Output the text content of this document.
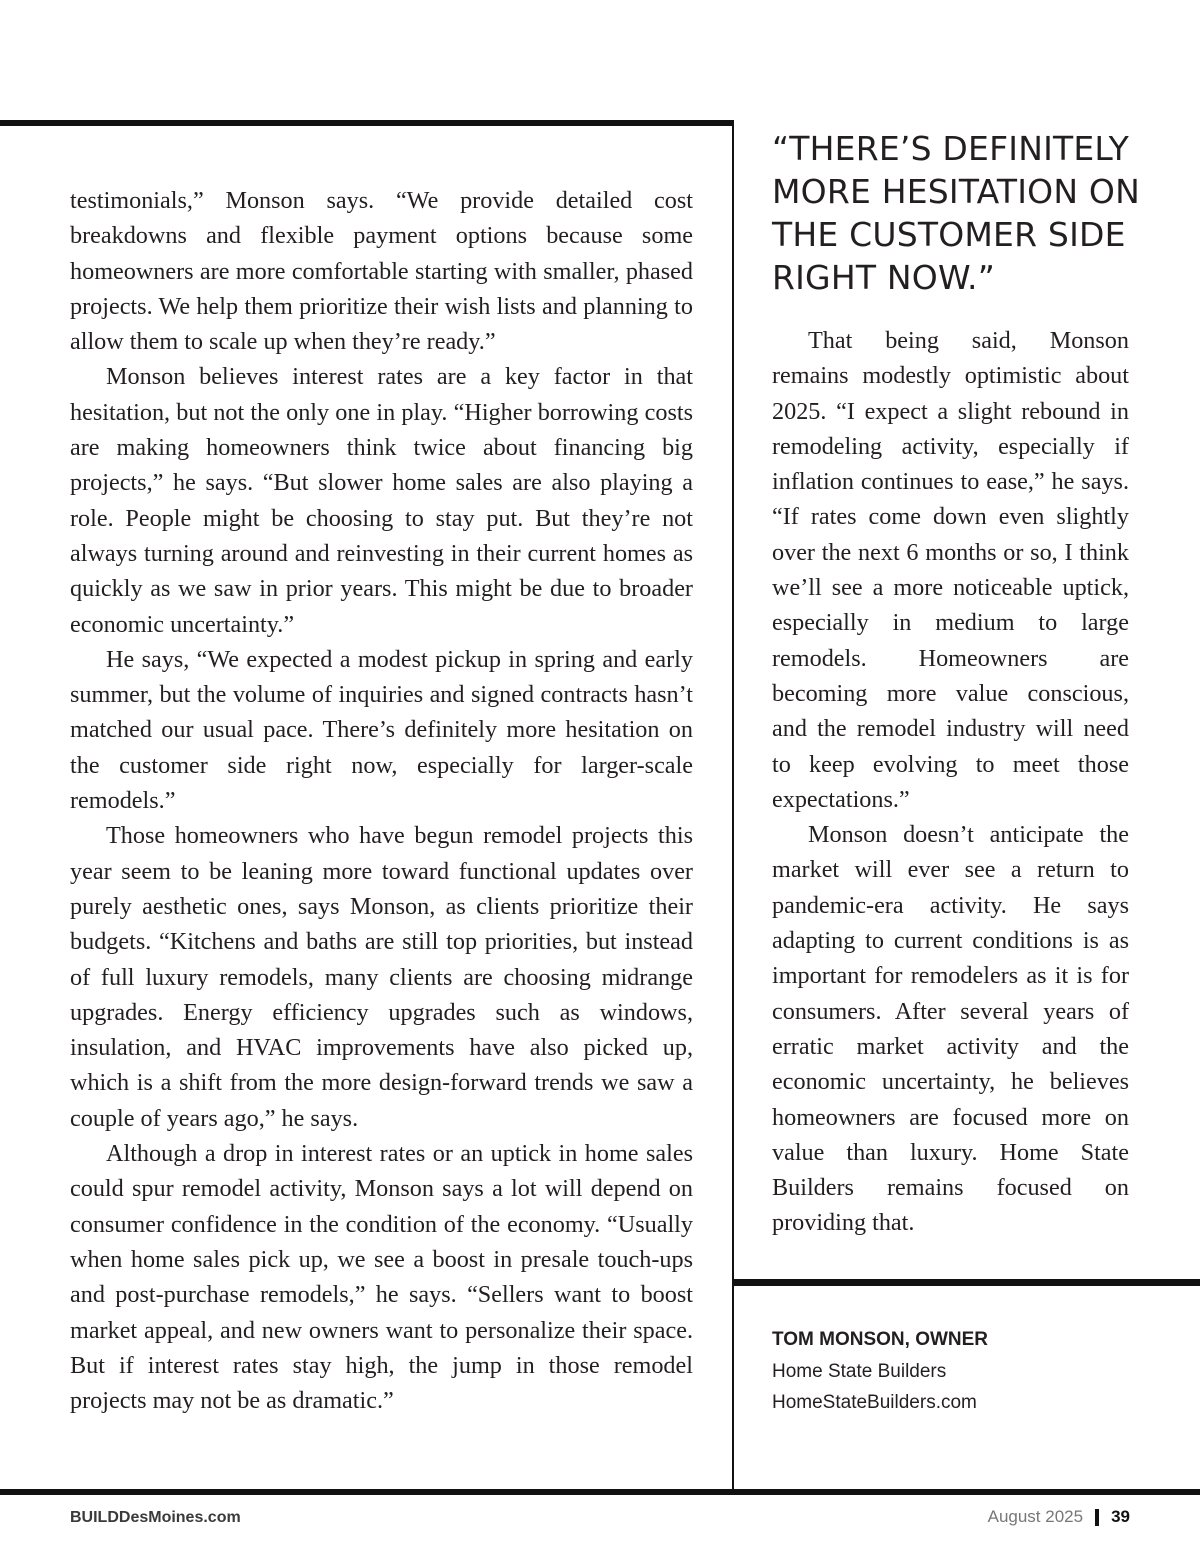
testimonials,” Monson says. “We provide detailed cost breakdowns and flexible payment options because some homeowners are more comfortable starting with smaller, phased projects. We help them prioritize their wish lists and planning to allow them to scale up when they’re ready.”

Monson believes interest rates are a key factor in that hesitation, but not the only one in play. “Higher borrowing costs are making homeowners think twice about financing big projects,” he says. “But slower home sales are also playing a role. People might be choosing to stay put. But they’re not always turning around and reinvesting in their current homes as quickly as we saw in prior years. This might be due to broader economic uncertainty.”

He says, “We expected a modest pickup in spring and early summer, but the volume of inquiries and signed contracts hasn’t matched our usual pace. There’s definitely more hesitation on the customer side right now, especially for larger-scale remodels.”

Those homeowners who have begun remodel projects this year seem to be leaning more toward functional updates over purely aesthetic ones, says Monson, as clients prioritize their budgets. “Kitchens and baths are still top priorities, but instead of full luxury remodels, many clients are choosing midrange upgrades. Energy efficiency upgrades such as windows, insulation, and HVAC improvements have also picked up, which is a shift from the more design-forward trends we saw a couple of years ago,” he says.

Although a drop in interest rates or an uptick in home sales could spur remodel activity, Monson says a lot will depend on consumer confidence in the condition of the economy. “Usually when home sales pick up, we see a boost in presale touch-ups and post-purchase remodels,” he says. “Sellers want to boost market appeal, and new owners want to personalize their space. But if interest rates stay high, the jump in those remodel projects may not be as dramatic.”

“THERE’S DEFINITELY MORE HESITATION ON THE CUSTOMER SIDE RIGHT NOW.”

That being said, Monson remains modestly optimistic about 2025. “I expect a slight rebound in remodeling activity, especially if inflation continues to ease,” he says. “If rates come down even slightly over the next 6 months or so, I think we’ll see a more noticeable uptick, especially in medium to large remodels. Homeowners are becoming more value conscious, and the remodel industry will need to keep evolving to meet those expectations.”

Monson doesn’t anticipate the market will ever see a return to pandemic-era activity. He says adapting to current conditions is as important for remodelers as it is for consumers. After several years of erratic market activity and the economic uncertainty, he believes homeowners are focused more on value than luxury. Home State Builders remains focused on providing that.

TOM MONSON, OWNER
Home State Builders
HomeStateBuilders.com
BUILDDesMoines.com	August 2025 39
